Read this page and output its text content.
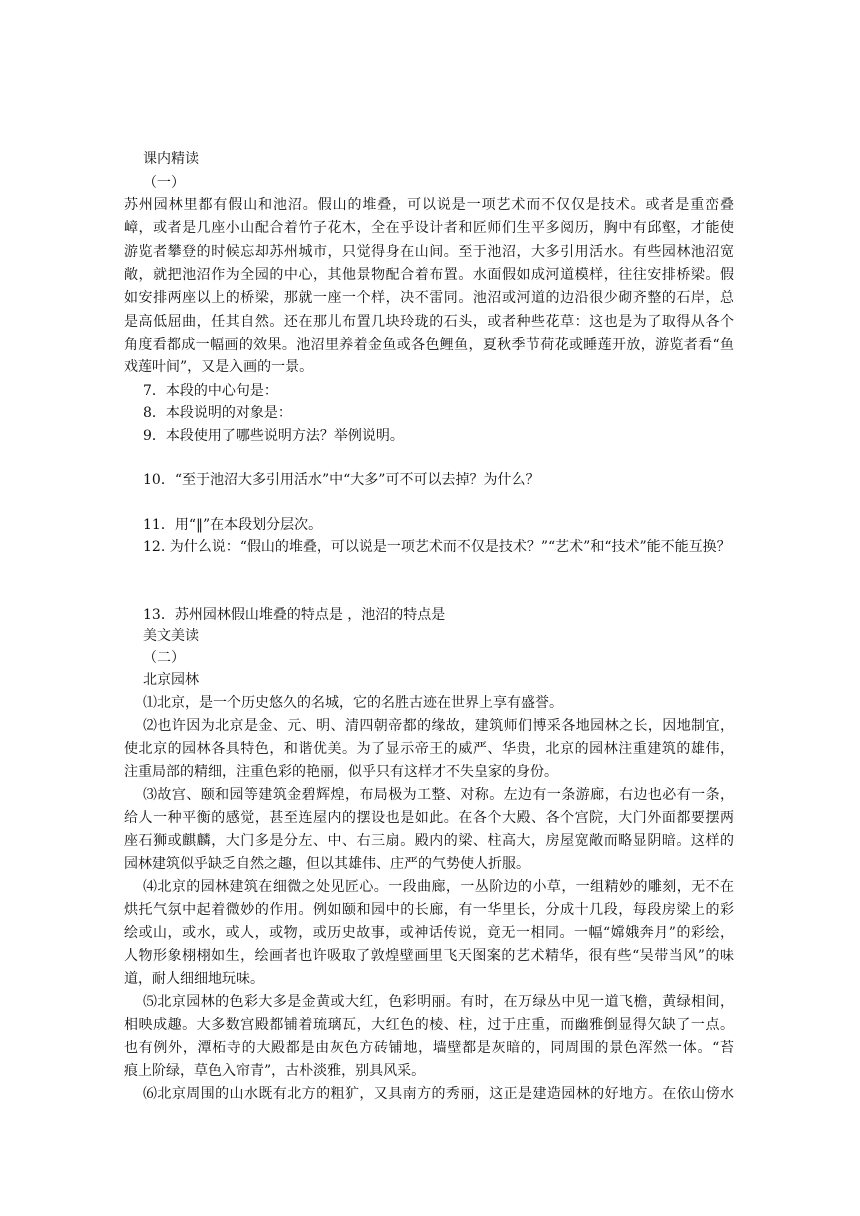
课内精读
（一）
苏州园林里都有假山和池沼。假山的堆叠，可以说是一项艺术而不仅仅是技术。或者是重峦叠
嶂，或者是几座小山配合着竹子花木，全在乎设计者和匠师们生平多阅历，胸中有邱壑，才能使
游览者攀登的时候忘却苏州城市，只觉得身在山间。至于池沼，大多引用活水。有些园林池沼宽
敞，就把池沼作为全园的中心，其他景物配合着布置。水面假如成河道模样，往往安排桥梁。假
如安排两座以上的桥梁，那就一座一个样，决不雷同。池沼或河道的边沿很少砌齐整的石岸，总
是高低屈曲，任其自然。还在那儿布置几块玲珑的石头，或者种些花草：这也是为了取得从各个
角度看都成一幅画的效果。池沼里养着金鱼或各色鲤鱼，夏秋季节荷花或睡莲开放，游览者看“鱼
戏莲叶间”，又是入画的一景。
7．本段的中心句是：
8．本段说明的对象是：
9．本段使用了哪些说明方法？举例说明。
10．“至于池沼大多引用活水”中“大多”可不可以去掉？为什么？
11．用“‖”在本段划分层次。
12. 为什么说：“假山的堆叠，可以说是一项艺术而不仅是技术？”“艺术”和“技术”能不能互换？
13．苏州园林假山堆叠的特点是 ，池沼的特点是
美文美读
（二）
北京园林
⑴北京，是一个历史悠久的名城，它的名胜古迹在世界上享有盛誉。
⑵也许因为北京是金、元、明、清四朝帝都的缘故，建筑师们博采各地园林之长，因地制宜，
使北京的园林各具特色，和谐优美。为了显示帝王的威严、华贵，北京的园林注重建筑的雄伟，
注重局部的精细，注重色彩的艳丽，似乎只有这样才不失皇家的身份。
⑶故宫、颐和园等建筑金碧辉煌，布局极为工整、对称。左边有一条游廊，右边也必有一条，
给人一种平衡的感觉，甚至连屋内的摆设也是如此。在各个大殿、各个宫院，大门外面都要摆两
座石狮或麒麟，大门多是分左、中、右三扇。殿内的梁、柱高大，房屋宽敞而略显阴暗。这样的
园林建筑似乎缺乏自然之趣，但以其雄伟、庄严的气势使人折服。
⑷北京的园林建筑在细微之处见匠心。一段曲廊，一丛阶边的小草，一组精妙的雕刻，无不在
烘托气氛中起着微妙的作用。例如颐和园中的长廊，有一华里长，分成十几段，每段房梁上的彩
绘或山，或水，或人，或物，或历史故事，或神话传说，竟无一相同。一幅“嫦娥奔月”的彩绘，
人物形象栩栩如生，绘画者也许吸取了敦煌壁画里飞天图案的艺术精华，很有些“吴带当风”的味
道，耐人细细地玩味。
⑸北京园林的色彩大多是金黄或大红，色彩明丽。有时，在万绿丛中见一道飞檐，黄绿相间，
相映成趣。大多数宫殿都铺着琉璃瓦，大红色的棱、柱，过于庄重，而幽雅倒显得欠缺了一点。
也有例外，潭柘寺的大殿都是由灰色方砖铺地，墙壁都是灰暗的，同周围的景色浑然一体。“苔
痕上阶绿，草色入帘青”，古朴淡雅，别具风采。
⑹北京周围的山水既有北方的粗犷，又具南方的秀丽，这正是建造园林的好地方。在依山傍水
